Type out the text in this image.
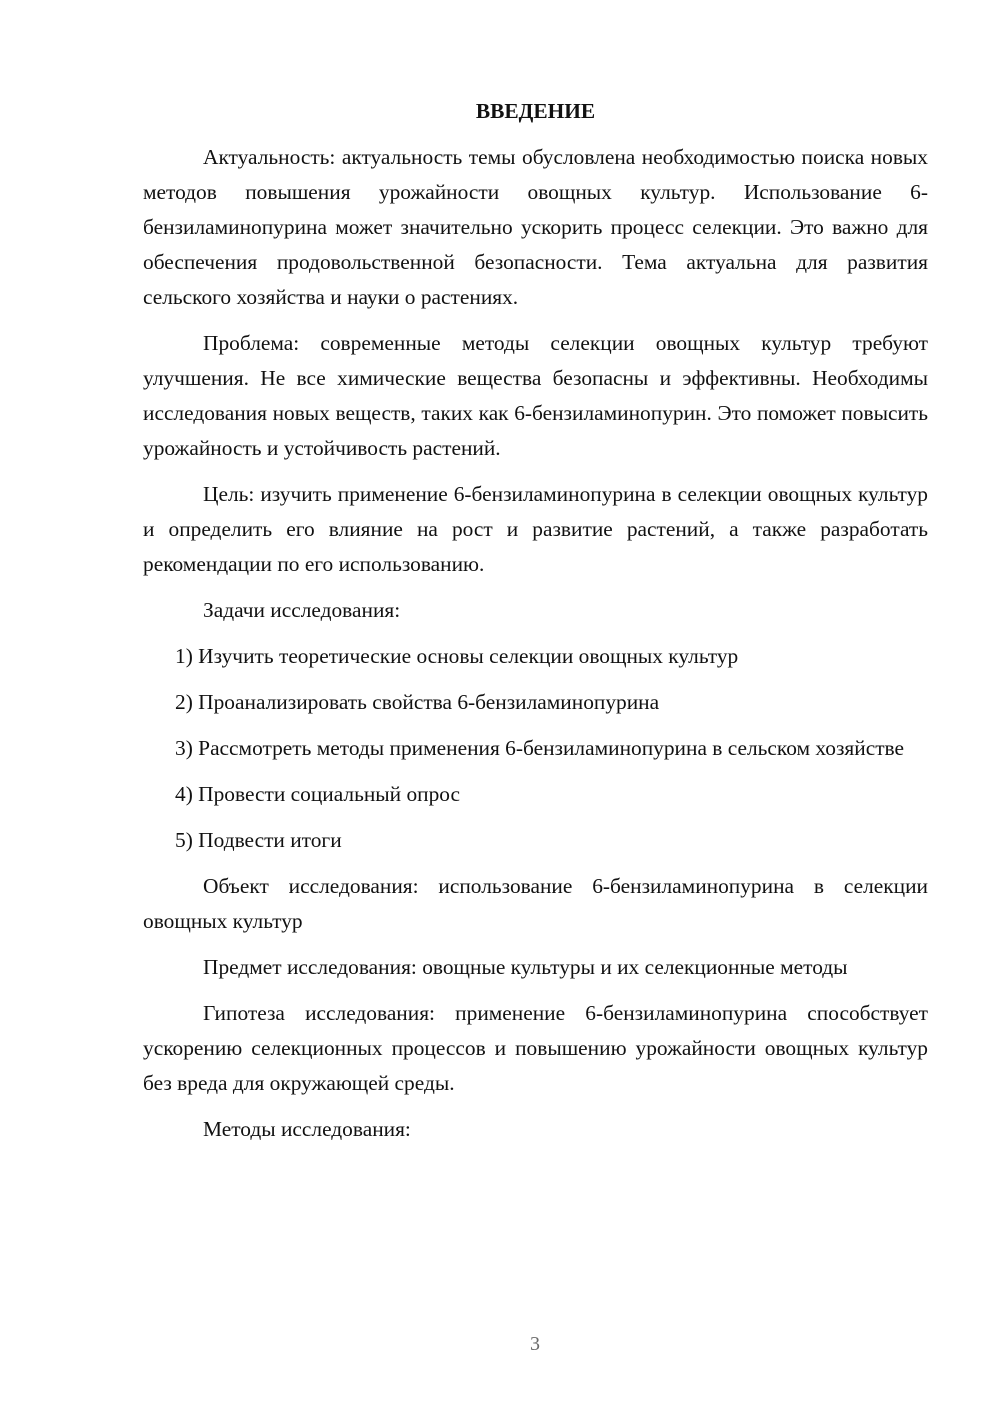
ВВЕДЕНИЕ

Актуальность: актуальность темы обусловлена необходимостью поиска новых методов повышения урожайности овощных культур. Использование 6-бензиламинопурина может значительно ускорить процесс селекции. Это важно для обеспечения продовольственной безопасности. Тема актуальна для развития сельского хозяйства и науки о растениях.

Проблема: современные методы селекции овощных культур требуют улучшения. Не все химические вещества безопасны и эффективны. Необходимы исследования новых веществ, таких как 6-бензиламинопурин. Это поможет повысить урожайность и устойчивость растений.

Цель: изучить применение 6-бензиламинопурина в селекции овощных культур и определить его влияние на рост и развитие растений, а также разработать рекомендации по его использованию.

Задачи исследования:

1) Изучить теоретические основы селекции овощных культур

2) Проанализировать свойства 6-бензиламинопурина

3) Рассмотреть методы применения 6-бензиламинопурина в сельском хозяйстве

4) Провести социальный опрос

5) Подвести итоги

Объект исследования: использование 6-бензиламинопурина в селекции овощных культур

Предмет исследования: овощные культуры и их селекционные методы

Гипотеза исследования: применение 6-бензиламинопурина способствует ускорению селекционных процессов и повышению урожайности овощных культур без вреда для окружающей среды.

Методы исследования:

3
